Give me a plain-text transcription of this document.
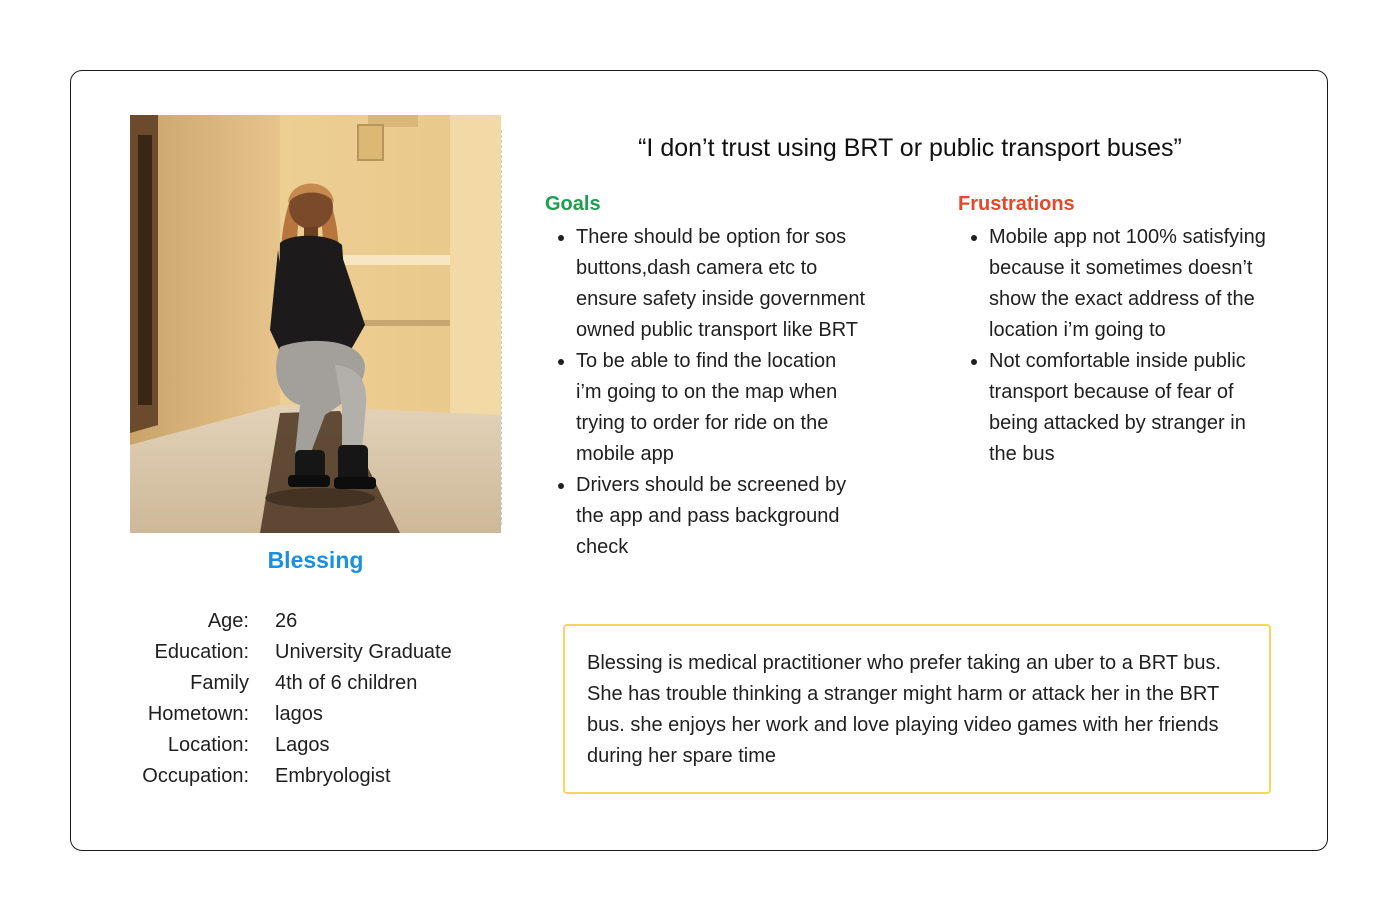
Blessing
Age: 26
Education: University Graduate
Family 4th of 6 children
Hometown: lagos
Location: Lagos
Occupation: Embryologist
“I don’t trust using BRT or public transport buses”
Goals
There should be option for sos buttons,dash camera etc to ensure safety inside government owned public transport like BRT
To be able to find the location i’m going to on the map when trying to order for ride on the mobile app
Drivers should be screened by the app and pass background check
Frustrations
Mobile app not 100% satisfying because it sometimes doesn’t show the exact address of the location i’m going to
Not comfortable inside public transport because of fear of being attacked by stranger in the bus
Blessing is medical practitioner who prefer taking an uber to a BRT bus. She has trouble thinking a stranger might harm or attack her in the BRT bus. she enjoys her work and love playing video games with her friends during her spare time
